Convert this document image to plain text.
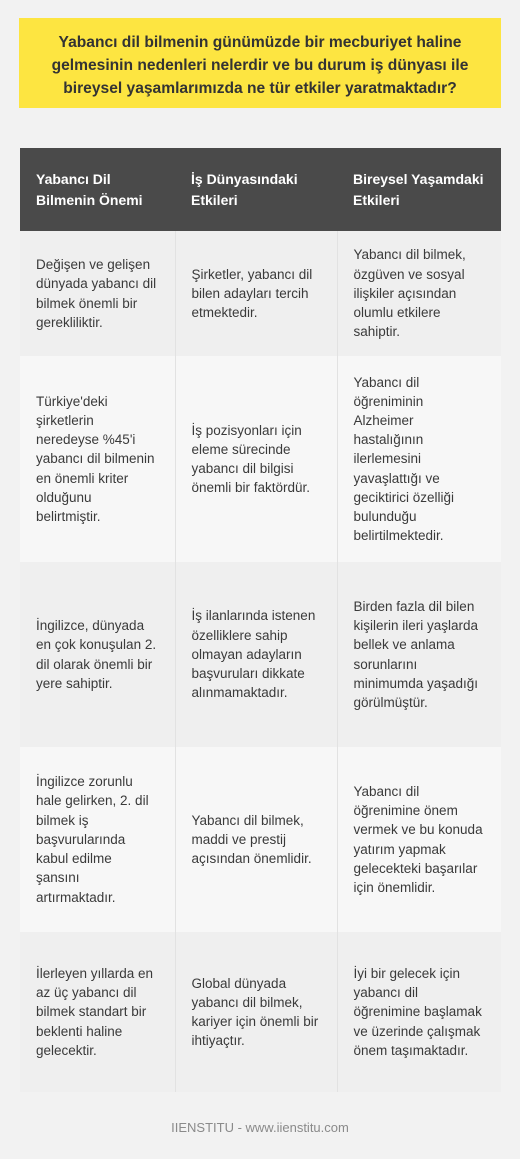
Yabancı dil bilmenin günümüzde bir mecburiyet haline
gelmesinin nedenleri nelerdir ve bu durum iş dünyası ile
bireysel yaşamlarımızda ne tür etkiler yaratmaktadır?
Yabancı Dil Bilmenin Önemi	İş Dünyasındaki Etkileri	Bireysel Yaşamdaki Etkileri
Değişen ve gelişen dünyada yabancı dil bilmek önemli bir gerekliliktir.	Şirketler, yabancı dil bilen adayları tercih etmektedir.	Yabancı dil bilmek, özgüven ve sosyal ilişkiler açısından olumlu etkilere sahiptir.
Türkiye'deki şirketlerin neredeyse %45'i yabancı dil bilmenin en önemli kriter olduğunu belirtmiştir.	İş pozisyonları için eleme sürecinde yabancı dil bilgisi önemli bir faktördür.	Yabancı dil öğreniminin Alzheimer hastalığının ilerlemesini yavaşlattığı ve geciktirici özelliği bulunduğu belirtilmektedir.
İngilizce, dünyada en çok konuşulan 2. dil olarak önemli bir yere sahiptir.	İş ilanlarında istenen özelliklere sahip olmayan adayların başvuruları dikkate alınmamaktadır.	Birden fazla dil bilen kişilerin ileri yaşlarda bellek ve anlama sorunlarını minimumda yaşadığı görülmüştür.
İngilizce zorunlu hale gelirken, 2. dil bilmek iş başvurularında kabul edilme şansını artırmaktadır.	Yabancı dil bilmek, maddi ve prestij açısından önemlidir.	Yabancı dil öğrenimine önem vermek ve bu konuda yatırım yapmak gelecekteki başarılar için önemlidir.
İlerleyen yıllarda en az üç yabancı dil bilmek standart bir beklenti haline gelecektir.	Global dünyada yabancı dil bilmek, kariyer için önemli bir ihtiyaçtır.	İyi bir gelecek için yabancı dil öğrenimine başlamak ve üzerinde çalışmak önem taşımaktadır.
IIENSTITU - www.iienstitu.com
